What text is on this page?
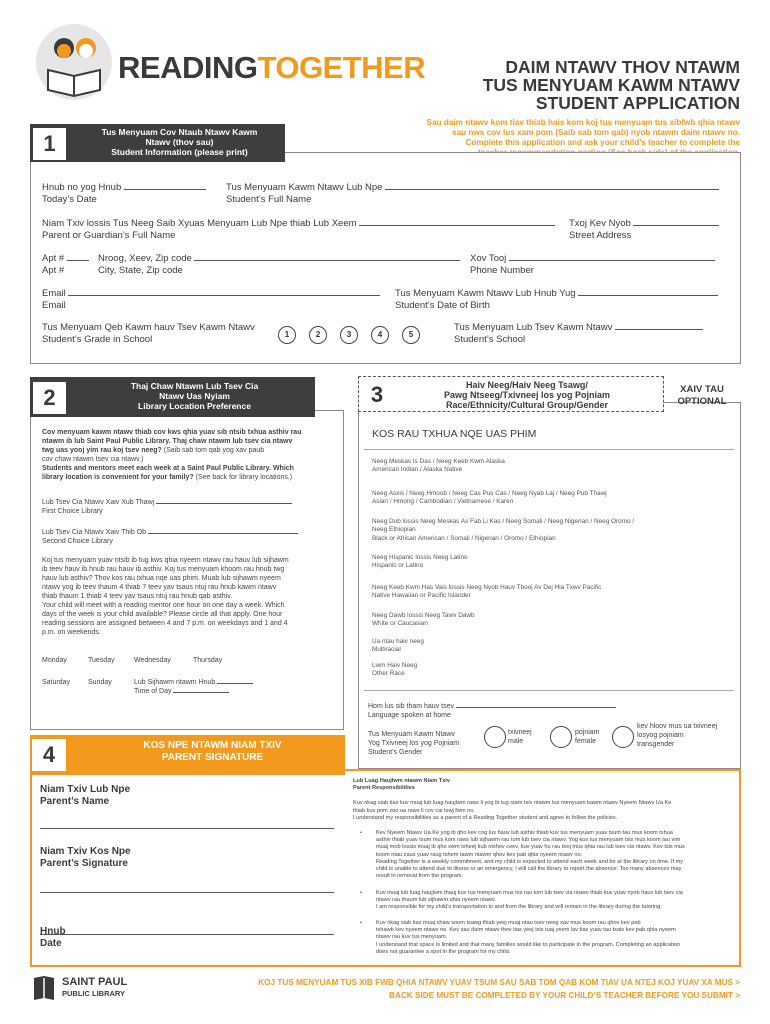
READINGTOGETHER	DAIM NTAWV THOV NTAWM
TUS MENYUAM KAWM NTAWV
STUDENT APPLICATION
Sau daim ntawv kom tiav thiab hais kom koj tus menyuam tus xibfwb qhia ntawv
sau nws cov lus xam pom (Saib sab tom qab) nyob ntawm daim ntawv no.
Complete this application and ask your child’s teacher to complete the
Tus Menyuam Cov Ntaub Ntawv Kawm
Ntawv (thov sau)
Student Information (please print)
1
Hnub no yog Hnub
Today’s Date
Tus Menyuam Kawm Ntawv Lub Npe
Student’s Full Name
Niam Txiv lossis Tus Neeg Saib Xyuas Menyuam Lub Npe thiab Lub Xeem
Parent or Guardian’s Full Name
Txoj Kev Nyob
Street Address
Apt #
Apt #
Nroog, Xeev, Zip code
City, State, Zip code
Xov Tooj
Phone Number
Email
Email
Tus Menyuam Kawm Ntawv Lub Hnub Yug
Student’s Date of Birth
Tus Menyuam Qeb Kawm hauv Tsev Kawm Ntawv
Student’s Grade in School	1	2	3	4	5
Tus Menyuam Lub Tsev Kawm Ntawv
Student’s School
Thaj Chaw Ntawm Lub Tsev Cia
Ntawv Uas Nyiam
Library Location Preference
2
Cov menyuam kawm ntawv thiab cov kws qhia yuav sib ntsib txhua asthiv rau
ntawm ib lub Saint Paul Public Library. Thaj chaw ntawm lub tsev cia ntawv
twg uas yooj yim rau koj tsev neeg? (Saib sab tom qab yog xav paub
cov chaw ntawm tsev cia ntawv.)
Students and mentors meet each week at a Saint Paul Public Library. Which
library location is convenient for your family? (See back for library locations.)
Lub Tsev Cia Ntawv Xaiv Xub Thawj
First Choice Library
Lub Tsev Cia Ntawv Xaiv Thib Ob
Second Choice Library
Koj tus menyuam yuav ntsib ib tug kws qhia nyeem ntawv rau hauv lub sijhawm
ib teev hauv ib hnub rau hauv ib asthiv. Koj tus menyuam khoom rau hnub twg
hauv lub asthiv? Thov kos rau txhua nqe uas phim. Muab lub sijhawm nyeem
ntawv yog ib teev thaum 4 thiab 7 teev yav tsaus ntuj rau hnub kawm ntawv
thiab thaum 1 thiab 4 teev yav tsaus ntuj rau hnub qab asthiv.
Your child will meet with a reading mentor one hour on one day a week. Which
days of the week is your child available? Please circle all that apply. One hour
reading sessions are assigned between 4 and 7 p.m. on weekdays and 1 and 4
p.m. on weekends.
Monday	Tuesday	Wednesday	Thursday
Saturday	Sunday	Lub Sijhawm ntawm Hnub
Time of Day
3	Haiv Neeg/Haiv Neeg Tsawg/
Pawg Ntseeg/Txivneej los yog Pojniam
Race/Ethnicity/Cultural Group/Gender
XAIV TAU
OPTIONAL
KOS RAU TXHUA NQE UAS PHIM
Neeg Meskas Is Das / Neeg Keeb Kwm Alaska
American Indian / Alaska Native
Neeg Asxis / Neeg Hmoob / Neeg Cas Pus Cas / Neeg Nyab Laj / Neeg Pub Thawj
Asian / Hmong / Cambodian / Vietnamese / Karen
Neeg Dub lossis Neeg Meskas As Fab Li Kas / Neeg Somali / Neeg Nigerian / Neeg Oromo /
Neeg Ethiopian
Black or African American / Somali / Nigerian / Oromo / Ethiopian
Neeg Hispanic lossis Neeg Latino
Hispanic or Latino
Neeg Keeb Kwm Has Vais lossis Neeg Nyob Hauv Thooj Av Dej Hia Txwv Pacific
Native Hawaiian or Pacific Islander
Neeg Dawb lossis Neeg Tawv Dawb
White or Caucasian
Ua ntau haiv neeg
Multiracial
Lwm Haiv Neeg
Other Race
Hom lus sib tham hauv tsev
Language spoken at home
Tus Menyuam Kawm Ntawv
Yog Txivneej los yog Pojniam
Student’s Gender
txivneej
male
pojniam
female
kev hloov mus ua txivneej
losyog pojniam
transgender
KOS NPE NTAWM NIAM TXIV
PARENT SIGNATURE
4
Niam Txiv Lub Npe
Parent’s Name
Niam Txiv Kos Npe
Parent’s Signature
Hnub
Date
Lub Luag Haujlwm ntawm Niam Txiv
Parent Responsibilities
Kuv nkag siab tias kuv muaj lub luag haujlwm raws li yog ib tug niam txiv ntawm tus menyuam kawm ntawv Nyeem Ntawv Ua Ke
thiab kuv pom zoo ua raws li cov cai tswj fwm no.
I understand my responsibilities as a parent of a Reading Together student and agree to follow the policies.
•	Kev Nyeem Ntawv Ua Ke yog ib qho kev cog lus hauv lub asthiv thiab kuv tus menyuam yuav tsum tau mus koom txhua
asthiv thiab yuav tsum mus kom raws lub sijhawm rau tom lub tsev cia ntawv. Yog kuv tus menyuam tsis mus koom tau vim
muaj mob lossis muaj ib qho xwm txheej kub ntxhov ceev, kuv yuav hu rau tooj mus qhia rau lub tsev cia ntawv. Kev tsis mus
koom ntau zaus yuav raug tshem tawm ntawm qhov kev pab qhia nyeem ntawv no.
Reading Together is a weekly commitment, and my child is expected to attend each week and be at the library on time. If my
child is unable to attend due to illness or an emergency, I will call the library to report the absence. Too many absences may
result in removal from the program.
•	Kuv muaj lub luag haujlwm thauj kuv tus menyuam mus los rau tom lub tsev cia ntawv thiab kuv yuav nyob hauv lub tsev cia
ntawv rau thaum lub sijhawm qhia nyeem ntawv.
I am responsible for my child’s transportation to and from the library and will remain in the library during the tutoring.
•	Kuv nkag siab tias muaj chaw soom tsawg thiab yeej muaj ntau tsev neeg xav mus koom rau qhov kev pab
txhawb kev nyeem ntawv no. Kev sau daim ntawv thov tias yeej tsis tuaj yeem lav tias yuav tau txais kev pab qhia nyeem
ntawv rau kuv tus menyuam.
I understand that space is limited and that many families would like to participate in the program. Completing an application
does not guarantee a spot in the program for my child.
SAINT PAUL
PUBLIC LIBRARY
KOJ TUS MENYUAM TUS XIB FWB QHIA NTAWV YUAV TSUM SAU SAB TOM QAB KOM TIAV UA NTEJ KOJ YUAV XA MUS >
BACK SIDE MUST BE COMPLETED BY YOUR CHILD’S TEACHER BEFORE YOU SUBMIT >
